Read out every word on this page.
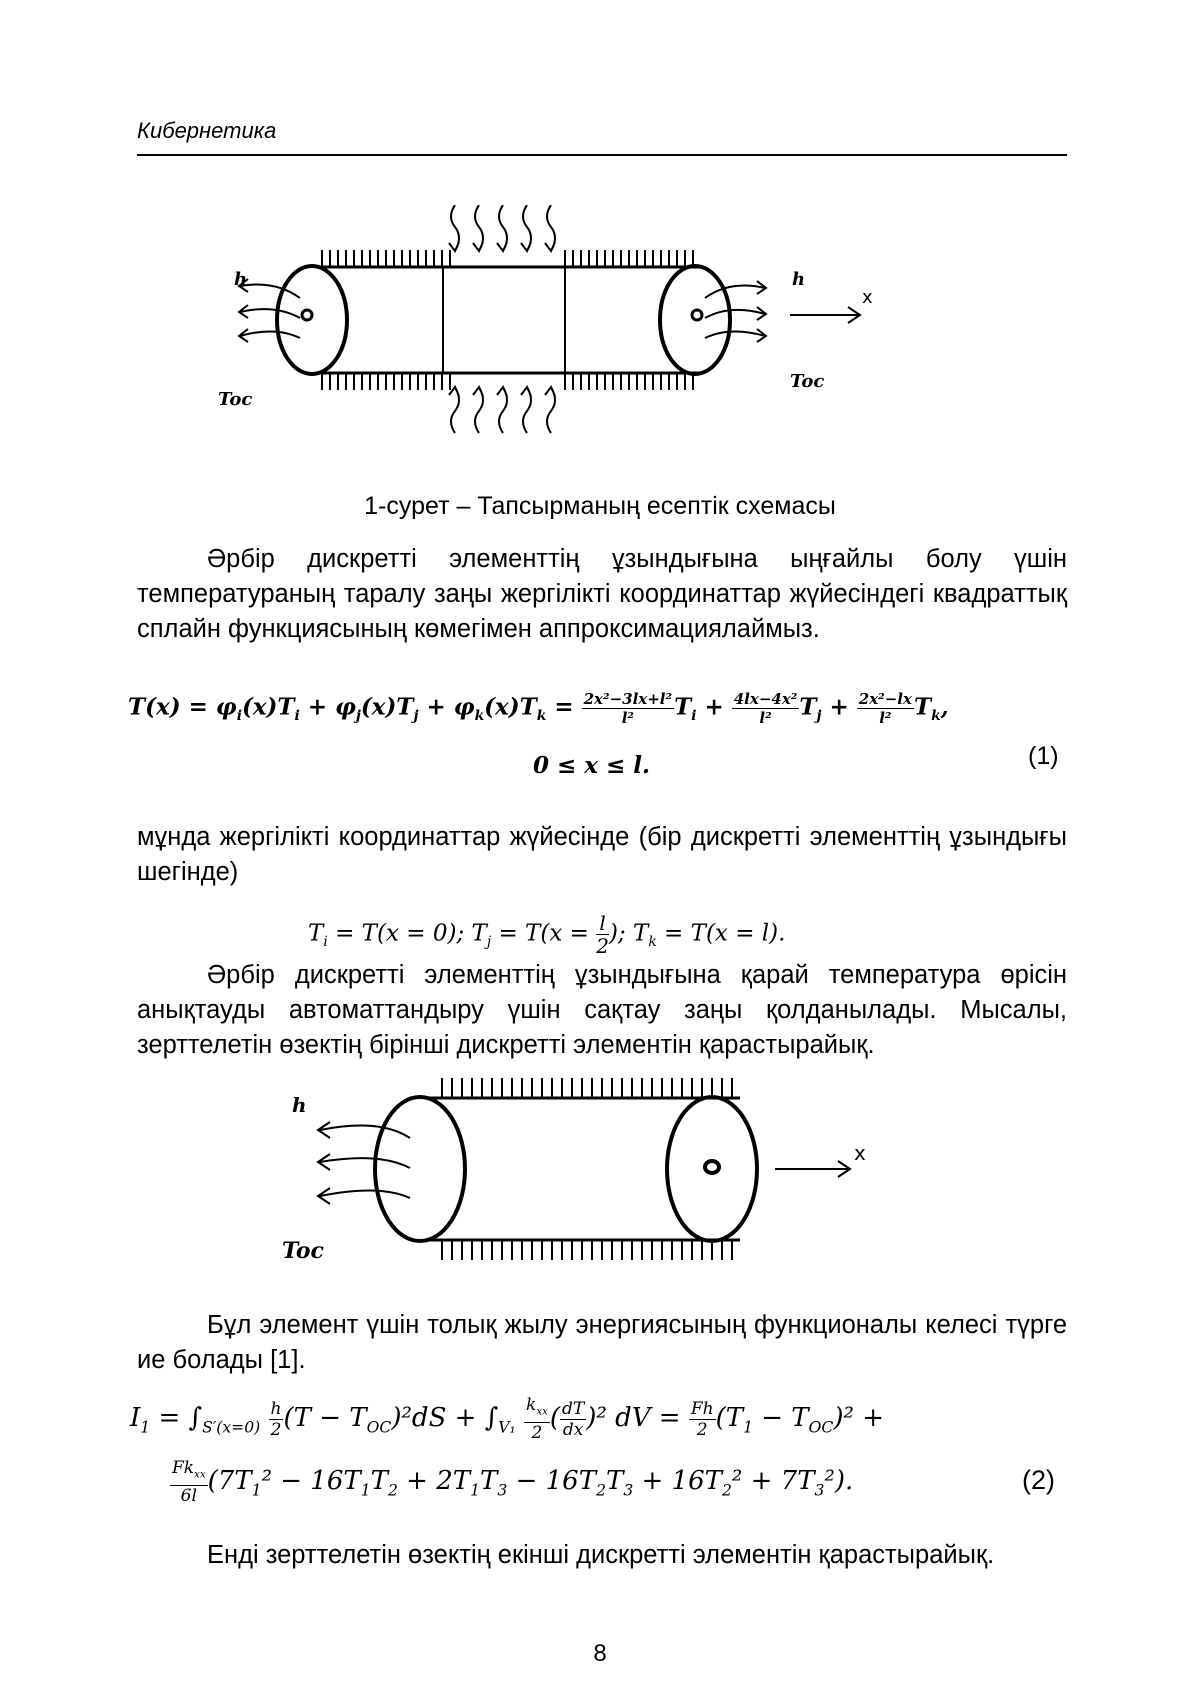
Кибернетика
h	h
Toc
Toc
x
1-сурет – Тапсырманың есептік схемасы
Әрбір дискретті элементтің ұзындығына ыңғайлы болу үшін температураның таралу заңы жергілікті координаттар жүйесіндегі квадраттық сплайн функциясының көмегімен аппроксимациялаймыз.
$T(x) = \varphi_i(x)T_i + \varphi_j(x)T_j + \varphi_k(x)T_k = \frac{\text{2x²−3lx+l²}}{\text{l²}} T_i + \frac{\text{4lx−4x²}}{\text{l²}} T_j + \frac{\text{2x²−lx}}{\text{l²}} T_k$,
0 ≤ x ≤ l.	(1)
мұнда жергілікті координаттар жүйесінде (бір дискретті элементтің ұзындығы шегінде)
$T_i = T(x = 0)$; $T_j = T(x = \frac{l}{2}$ ); $T_k = T(x = l)$.
Әрбір дискретті элементтің ұзындығына қарай температура өрісін анықтауды автоматтандыру үшін сақтау заңы қолданылады. Мысалы, зерттелетін өзектің бірінші дискретті элементін қарастырайық.
h
Toc
x
Бұл элемент үшін толық жылу энергиясының функционалы келесі түрге ие болады [1].
$I_1 = \int_{S'(x=0)} \frac{h}{2} (T - T_{OC})^2dS + \int_{V_1} \frac{k_{xx}}{2}$ ( $\frac{dT}{dx} )^2$ dV = $\frac{Fh}{2} (T_1 - T_{OC})^2$ +
$\frac{Fk_{xx}}{6l} (7T_1^2 - 16T_1T_2 + 2T_1T_3 - 16T_2T_3 + 16T_2^2 + 7T_3^2)$.	(2)
Енді зерттелетін өзектің екінші дискретті элементін қарастырайық.
8
